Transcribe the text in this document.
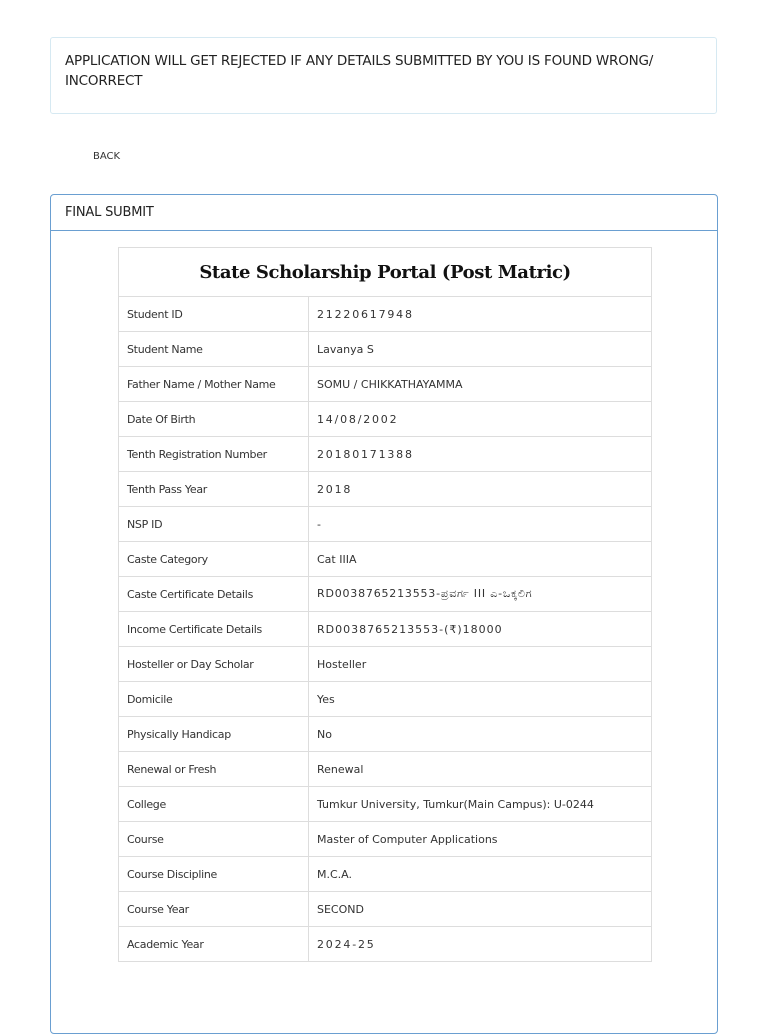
APPLICATION WILL GET REJECTED IF ANY DETAILS SUBMITTED BY YOU IS FOUND WRONG/ INCORRECT
BACK
FINAL SUBMIT
State Scholarship Portal (Post Matric)	
Student ID	21220617948
Student Name	Lavanya S
Father Name / Mother Name	SOMU / CHIKKATHAYAMMA
Date Of Birth	14/08/2002
Tenth Registration Number	20180171388
Tenth Pass Year	2018
NSP ID	-
Caste Category	Cat IIIA
Caste Certificate Details	RD0038765213553-ಪ್ರವರ್ಗ III ಎ-ಒಕ್ಕಲಿಗ
Income Certificate Details	RD0038765213553-(₹)18000
Hosteller or Day Scholar	Hosteller
Domicile	Yes
Physically Handicap	No
Renewal or Fresh	Renewal
College	Tumkur University, Tumkur(Main Campus): U-0244
Course	Master of Computer Applications
Course Discipline	M.C.A.
Course Year	SECOND
Academic Year	2024-25
